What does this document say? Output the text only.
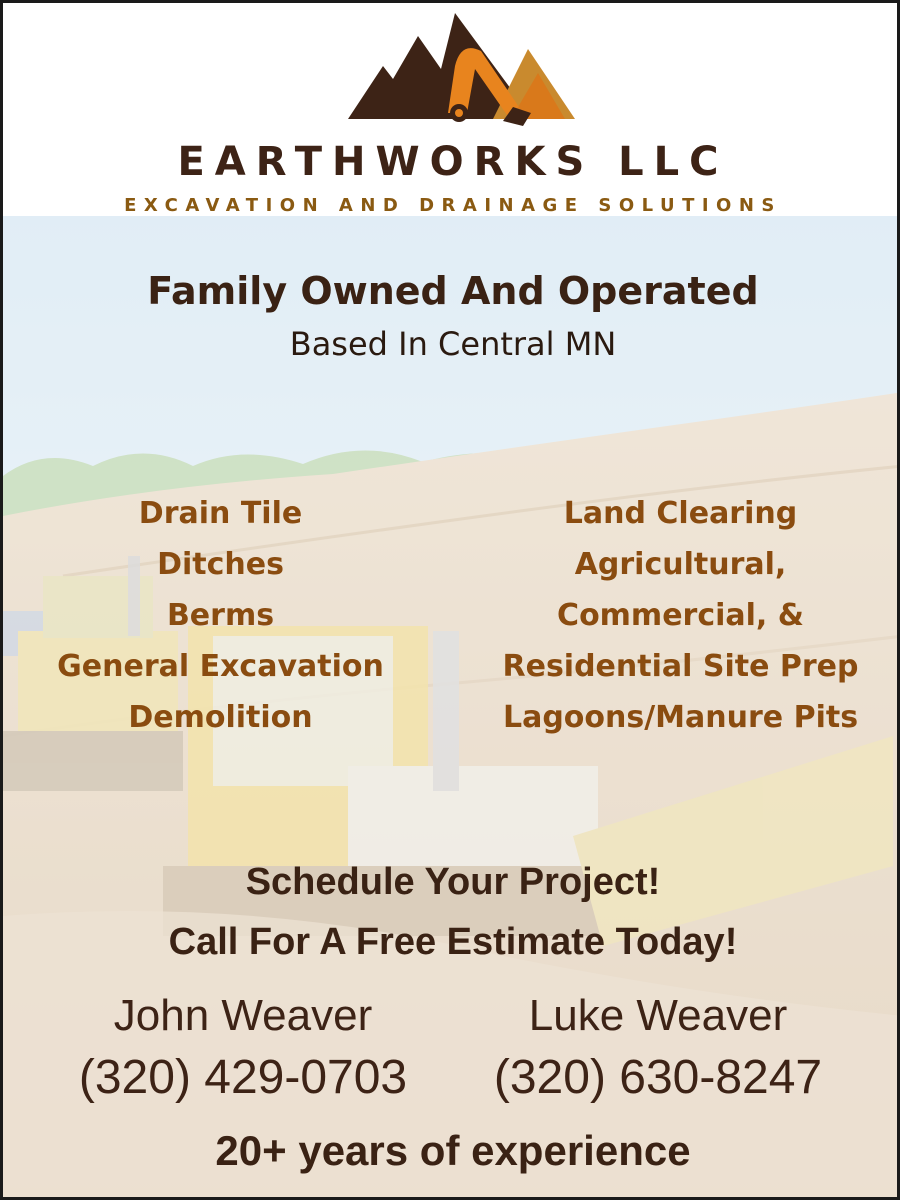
EARTHWORKS LLC
EXCAVATION AND DRAINAGE SOLUTIONS
Family Owned And Operated
Based In Central MN
Drain Tile
Ditches
Berms
General Excavation
Demolition
Land Clearing
Agricultural,
Commercial, &
Residential Site Prep
Lagoons/Manure Pits
Schedule Your Project!
Call For A Free Estimate Today!
John Weaver
(320) 429-0703
Luke Weaver
(320) 630-8247
20+ years of experience
